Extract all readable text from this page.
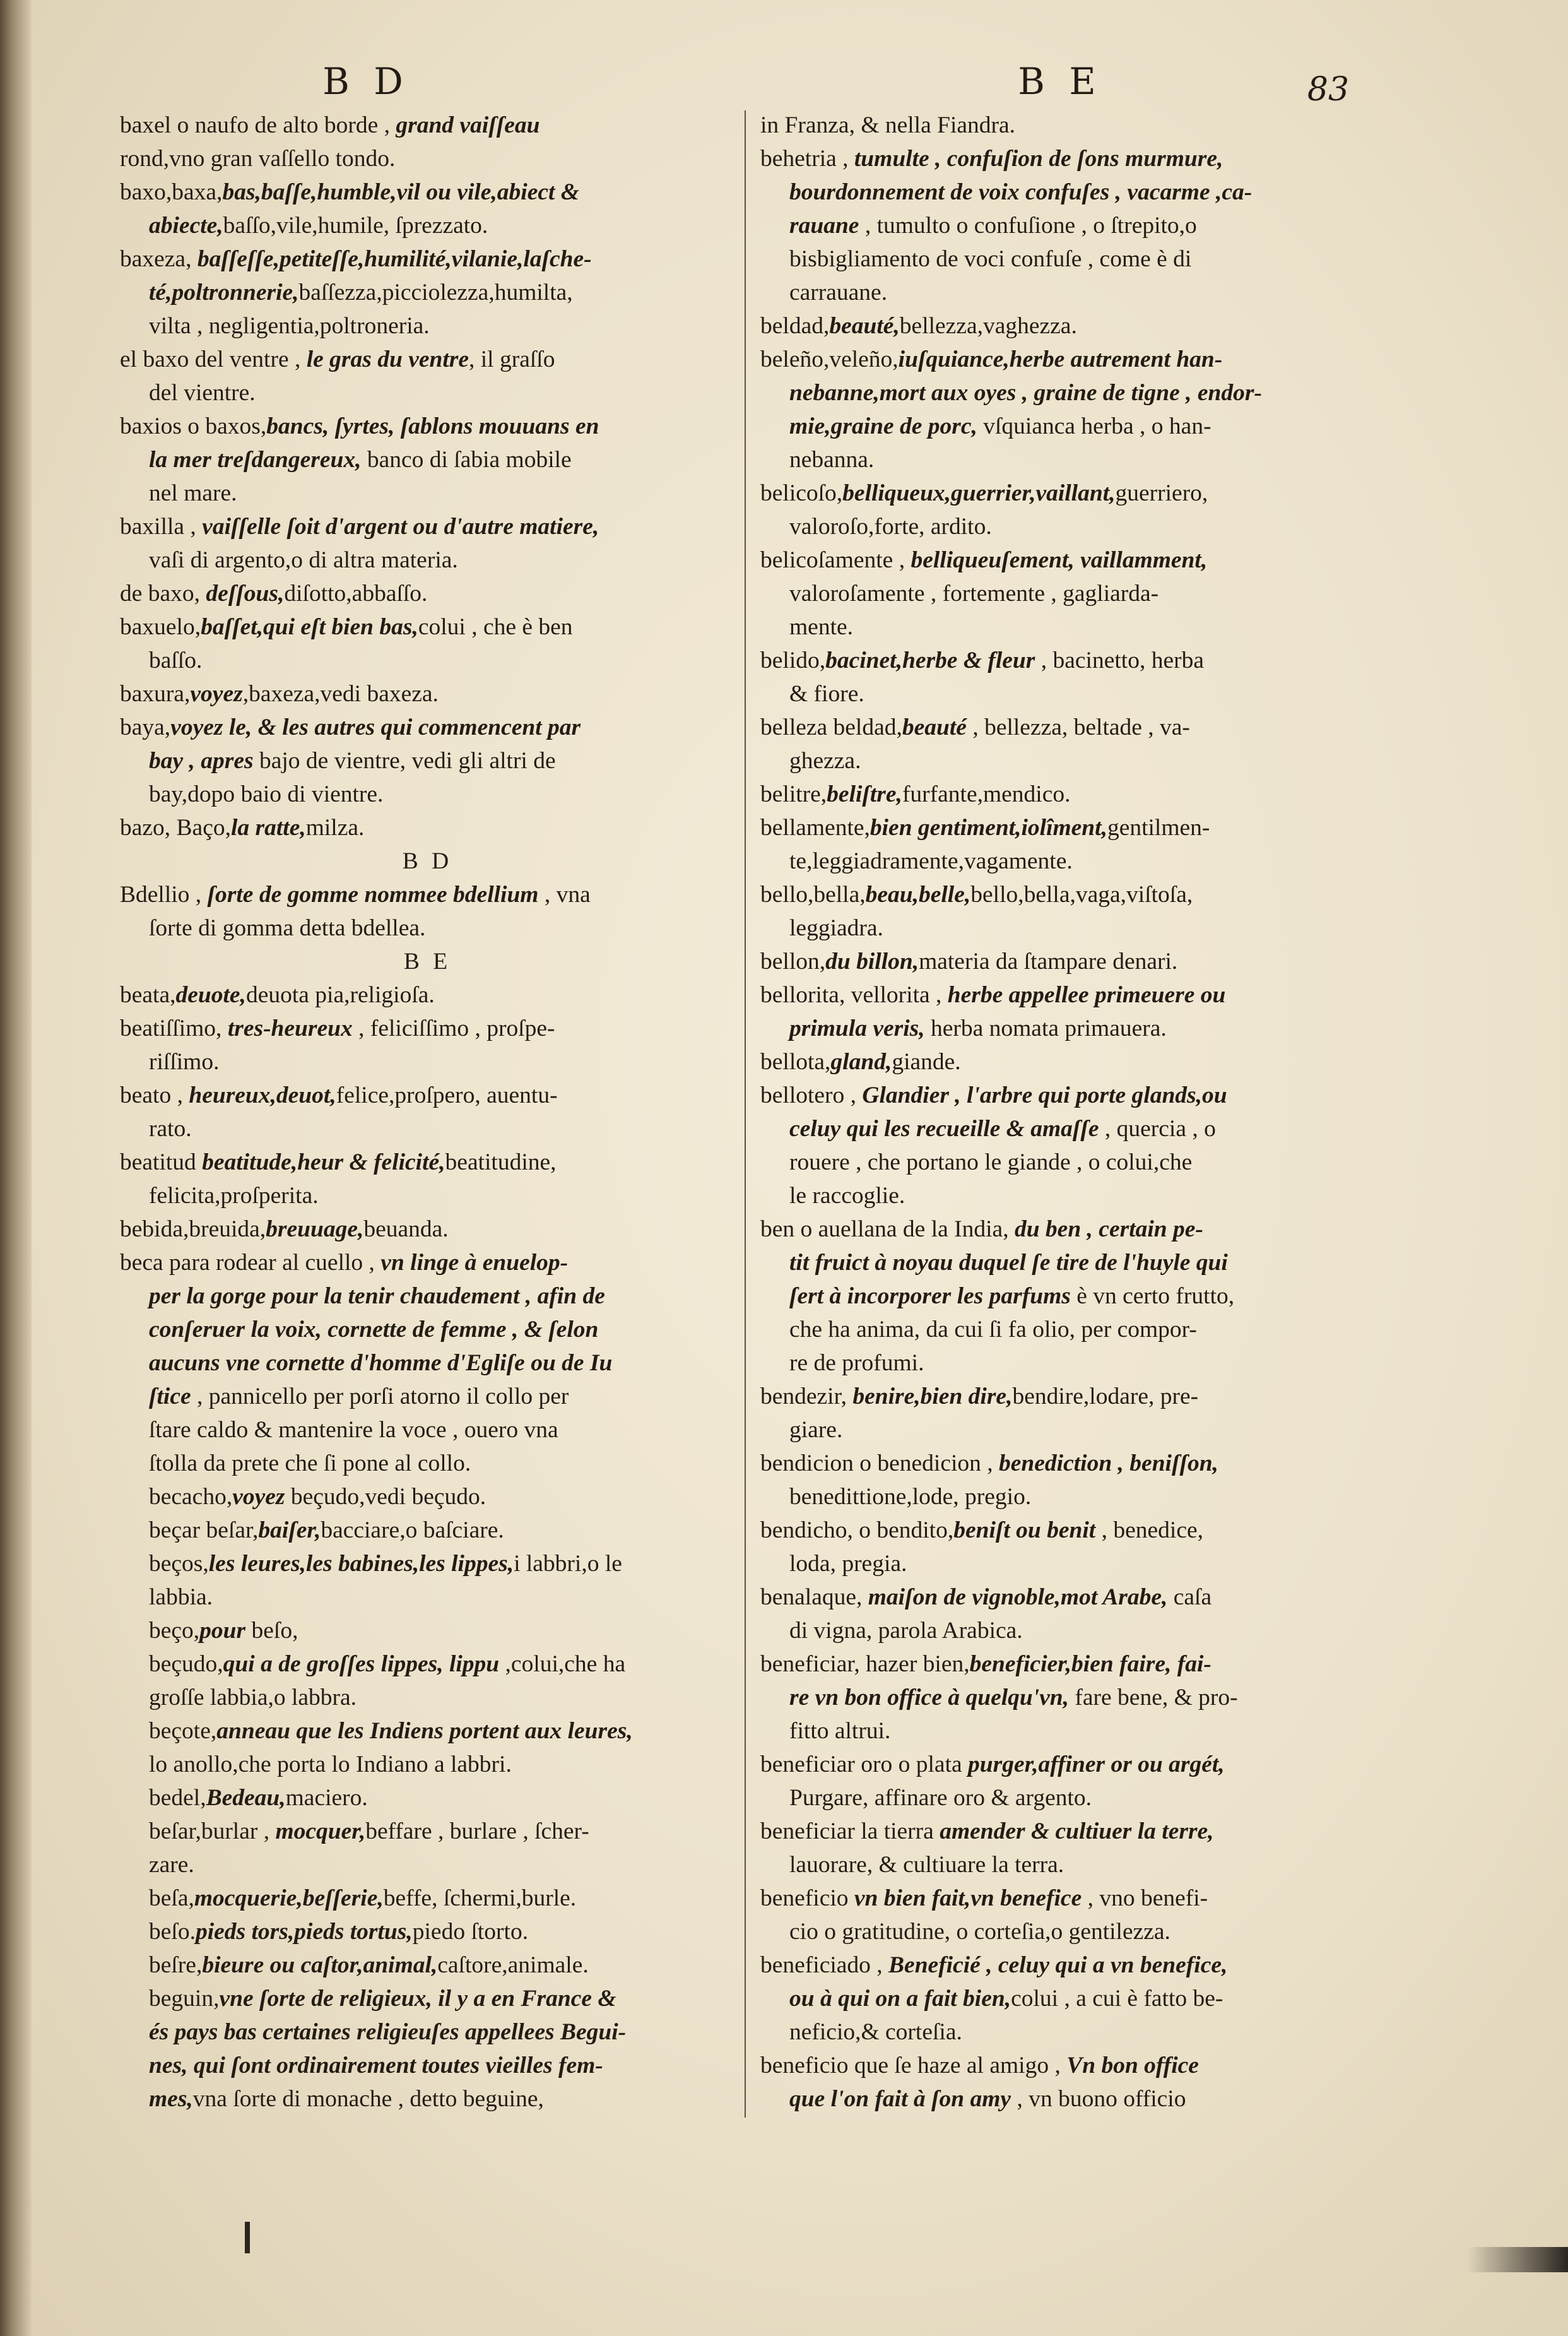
B D	B E	83
baxel o naufo de alto borde , grand vaiſſeau
rond,vno gran vaſſello tondo.
baxo,baxa,bas,baſſe,humble,vil ou vile,abiect &
abiecte,baſſo,vile,humile, ſprezzato.
baxeza, baſſeſſe,petiteſſe,humilité,vilanie,laſche-
té,poltronnerie,baſſezza,picciolezza,humilta,
vilta , negligentia,poltroneria.
el baxo del ventre , le gras du ventre, il graſſo
del vientre.
baxios o baxos,bancs, ſyrtes, ſablons mouuans en
la mer treſdangereux, banco di ſabia mobile
nel mare.
baxilla , vaiſſelle ſoit d'argent ou d'autre matiere,
vaſi di argento,o di altra materia.
de baxo, deſſous,diſotto,abbaſſo.
baxuelo,baſſet,qui eſt bien bas,colui , che è ben
baſſo.
baxura,voyez,baxeza,vedi baxeza.
baya,voyez le, & les autres qui commencent par
bay , apres bajo de vientre, vedi gli altri de
bay,dopo baio di vientre.
bazo, Baço,la ratte,milza.
B D
Bdellio , ſorte de gomme nommee bdellium , vna
ſorte di gomma detta bdellea.
B E
beata,deuote,deuota pia,religioſa.
beatiſſimo, tres-heureux , feliciſſimo , proſpe-
riſſimo.
beato , heureux,deuot,felice,proſpero, auentu-
rato.
beatitud beatitude,heur & felicité,beatitudine,
felicita,proſperita.
bebida,breuida,breuuage,beuanda.
beca para rodear al cuello , vn linge à enuelop-
per la gorge pour la tenir chaudement , afin de
conſeruer la voix, cornette de femme , & ſelon
aucuns vne cornette d'homme d'Egliſe ou de Iu
ſtice , pannicello per porſi atorno il collo per
ſtare caldo & mantenire la voce , ouero vna
ſtolla da prete che ſi pone al collo.
becacho,voyez beçudo,vedi beçudo.
beçar beſar,baiſer,bacciare,o baſciare.
beços,les leures,les babines,les lippes,i labbri,o le
labbia.
beço,pour beſo,
beçudo,qui a de groſſes lippes, lippu ,colui,che ha
groſſe labbia,o labbra.
beçote,anneau que les Indiens portent aux leures,
lo anollo,che porta lo Indiano a labbri.
bedel,Bedeau,maciero.
beſar,burlar , mocquer,beffare , burlare , ſcher-
zare.
beſa,mocquerie,beſſerie,beffe, ſchermi,burle.
beſo.pieds tors,pieds tortus,piedo ſtorto.
beſre,bieure ou caſtor,animal,caſtore,animale.
beguin,vne ſorte de religieux, il y a en France &
és pays bas certaines religieuſes appellees Begui-
nes, qui ſont ordinairement toutes vieilles fem-
mes,vna ſorte di monache , detto beguine,
in Franza, & nella Fiandra.
behetria , tumulte , confuſion de ſons murmure,
bourdonnement de voix confuſes , vacarme ,ca-
rauane , tumulto o confuſione , o ſtrepito,o
bisbigliamento de voci confuſe , come è di
carrauane.
beldad,beauté,bellezza,vaghezza.
beleño,veleño,iuſquiance,herbe autrement han-
nebanne,mort aux oyes , graine de tigne , endor-
mie,graine de porc, vſquianca herba , o han-
nebanna.
belicoſo,belliqueux,guerrier,vaillant,guerriero,
valoroſo,forte, ardito.
belicoſamente , belliqueuſement, vaillamment,
valoroſamente , fortemente , gagliarda-
mente.
belido,bacinet,herbe & fleur , bacinetto, herba
& fiore.
belleza beldad,beauté , bellezza, beltade , va-
ghezza.
belitre,beliſtre,furfante,mendico.
bellamente,bien gentiment,iolîment,gentilmen-
te,leggiadramente,vagamente.
bello,bella,beau,belle,bello,bella,vaga,viſtoſa,
leggiadra.
bellon,du billon,materia da ſtampare denari.
bellorita, vellorita , herbe appellee primeuere ou
primula veris, herba nomata primauera.
bellota,gland,giande.
bellotero , Glandier , l'arbre qui porte glands,ou
celuy qui les recueille & amaſſe , quercia , o
rouere , che portano le giande , o colui,che
le raccoglie.
ben o auellana de la India, du ben , certain pe-
tit fruict à noyau duquel ſe tire de l'huyle qui
ſert à incorporer les parfums è vn certo frutto,
che ha anima, da cui ſi fa olio, per compor-
re de profumi.
bendezir, benire,bien dire,bendire,lodare, pre-
giare.
bendicion o benedicion , benediction , beniſſon,
benedittione,lode, pregio.
bendicho, o bendito,beniſt ou benit , benedice,
loda, pregia.
benalaque, maiſon de vignoble,mot Arabe, caſa
di vigna, parola Arabica.
beneficiar, hazer bien,beneficier,bien faire, fai-
re vn bon office à quelqu'vn, fare bene, & pro-
fitto altrui.
beneficiar oro o plata purger,affiner or ou argét,
Purgare, affinare oro & argento.
beneficiar la tierra amender & cultiuer la terre,
lauorare, & cultiuare la terra.
beneficio vn bien fait,vn benefice , vno benefi-
cio o gratitudine, o corteſia,o gentilezza.
beneficiado , Beneficié , celuy qui a vn benefice,
ou à qui on a fait bien,colui , a cui è fatto be-
neficio,& corteſia.
beneficio que ſe haze al amigo , Vn bon office
que l'on fait à ſon amy , vn buono officio
